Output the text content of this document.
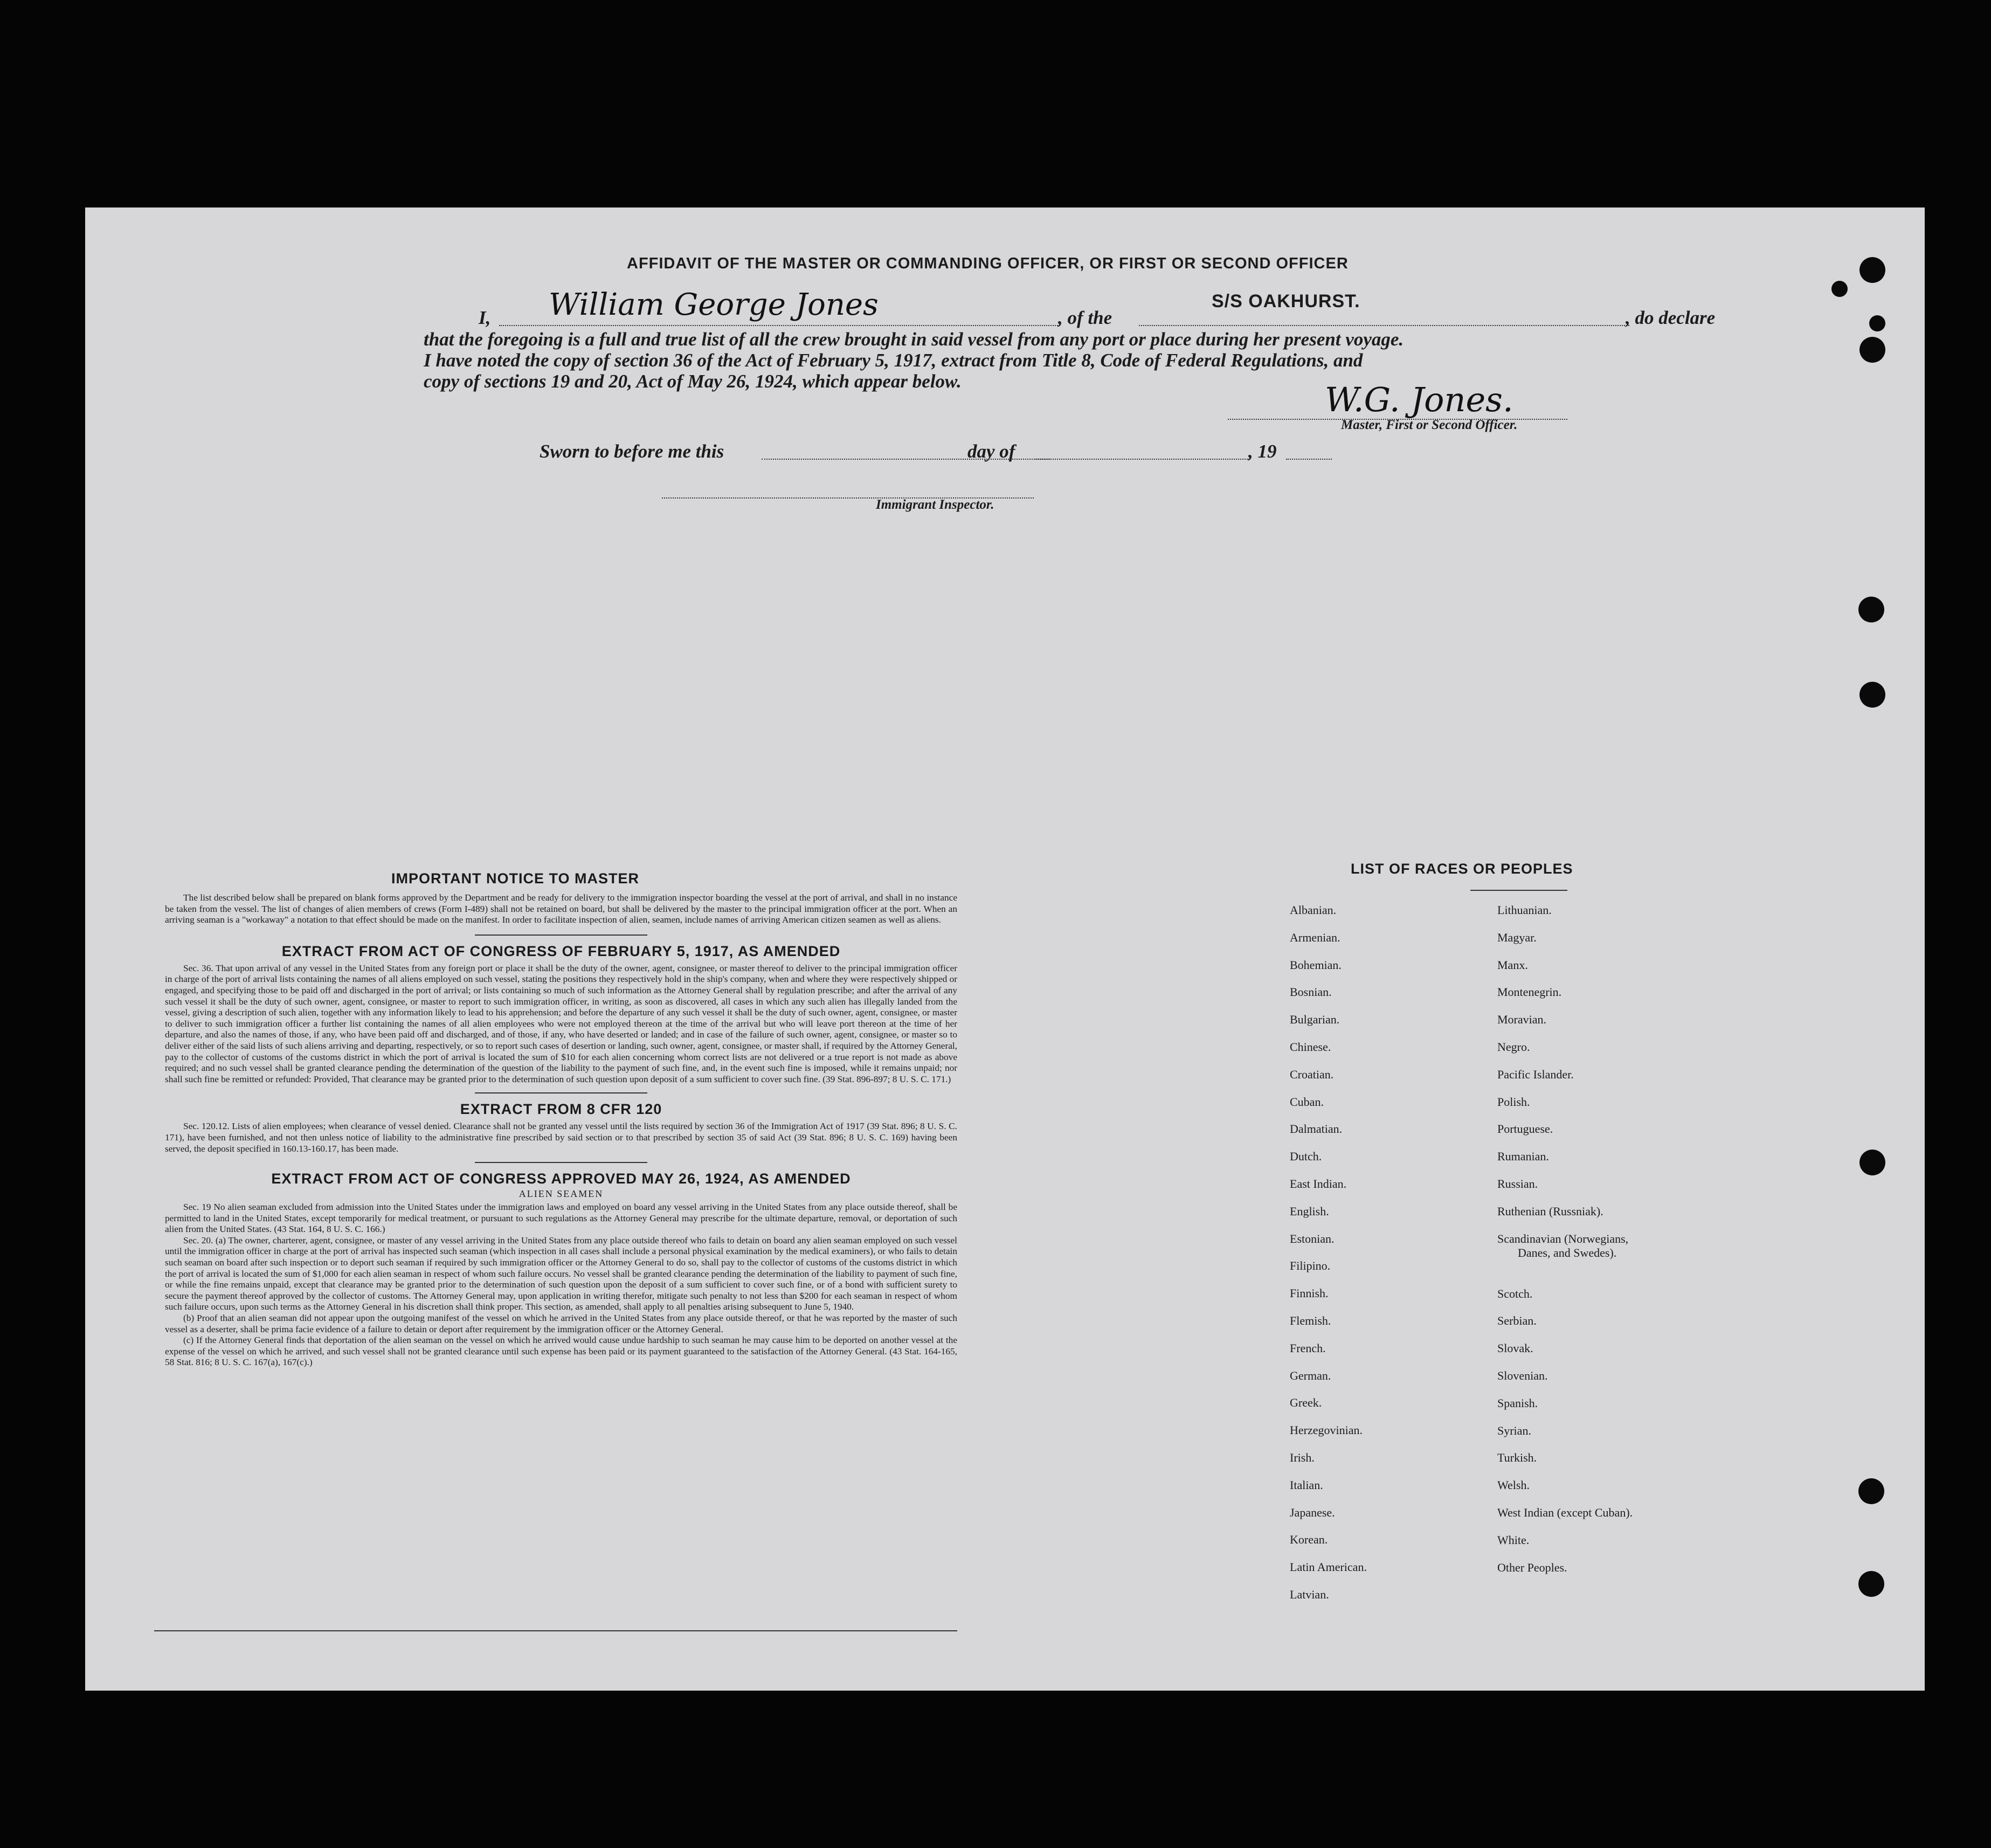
AFFIDAVIT OF THE MASTER OR COMMANDING OFFICER, OR FIRST OR SECOND OFFICER
I, William George Jones	, of the
S/S OAKHURST.
, do declare
that the foregoing is a full and true list of all the crew brought in said vessel from any port or place during her present voyage.
I have noted the copy of section 36 of the Act of February 5, 1917, extract from Title 8, Code of Federal Regulations, and
copy of sections 19 and 20, Act of May 26, 1924, which appear below.	W.G. Jones.
Master, First or Second Officer.
Sworn to before me this	day of	, 19
Immigrant Inspector.
IMPORTANT NOTICE TO MASTER

The list described below shall be prepared on blank forms approved by the Department and be ready for delivery to the immigration inspector boarding the vessel at the port of arrival, and shall in no instance be taken from the vessel. The list of changes of alien members of crews (Form I-489) shall not be retained on board, but shall be delivered by the master to the principal immigration officer at the port. When an arriving seaman is a "workaway" a notation to that effect should be made on the manifest. In order to facilitate inspection of alien, seamen, include names of arriving American citizen seamen as well as aliens.

EXTRACT FROM ACT OF CONGRESS OF FEBRUARY 5, 1917, AS AMENDED

Sec. 36. That upon arrival of any vessel in the United States from any foreign port or place it shall be the duty of the owner, agent, consignee, or master thereof to deliver to the principal immigration officer in charge of the port of arrival lists containing the names of all aliens employed on such vessel, stating the positions they respectively hold in the ship's company, when and where they were respectively shipped or engaged, and specifying those to be paid off and discharged in the port of arrival; or lists containing so much of such information as the Attorney General shall by regulation prescribe; and after the arrival of any such vessel it shall be the duty of such owner, agent, consignee, or master to report to such immigration officer, in writing, as soon as discovered, all cases in which any such alien has illegally landed from the vessel, giving a description of such alien, together with any information likely to lead to his apprehension; and before the departure of any such vessel it shall be the duty of such owner, agent, consignee, or master to deliver to such immigration officer a further list containing the names of all alien employees who were not employed thereon at the time of the arrival but who will leave port thereon at the time of her departure, and also the names of those, if any, who have been paid off and discharged, and of those, if any, who have deserted or landed; and in case of the failure of such owner, agent, consignee, or master so to deliver either of the said lists of such aliens arriving and departing, respectively, or so to report such cases of desertion or landing, such owner, agent, consignee, or master shall, if required by the Attorney General, pay to the collector of customs of the customs district in which the port of arrival is located the sum of $10 for each alien concerning whom correct lists are not delivered or a true report is not made as above required; and no such vessel shall be granted clearance pending the determination of the question of the liability to the payment of such fine, and, in the event such fine is imposed, while it remains unpaid; nor shall such fine be remitted or refunded: Provided, That clearance may be granted prior to the determination of such question upon deposit of a sum sufficient to cover such fine. (39 Stat. 896-897; 8 U. S. C. 171.)

EXTRACT FROM 8 CFR 120

Sec. 120.12. Lists of alien employees; when clearance of vessel denied. Clearance shall not be granted any vessel until the lists required by section 36 of the Immigration Act of 1917 (39 Stat. 896; 8 U. S. C. 171), have been furnished, and not then unless notice of liability to the administrative fine prescribed by said section or to that prescribed by section 35 of said Act (39 Stat. 896; 8 U. S. C. 169) having been served, the deposit specified in 160.13-160.17, has been made.

EXTRACT FROM ACT OF CONGRESS APPROVED MAY 26, 1924, AS AMENDED
ALIEN SEAMEN

Sec. 19 No alien seaman excluded from admission into the United States under the immigration laws and employed on board any vessel arriving in the United States from any place outside thereof, shall be permitted to land in the United States, except temporarily for medical treatment, or pursuant to such regulations as the Attorney General may prescribe for the ultimate departure, removal, or deportation of such alien from the United States. (43 Stat. 164, 8 U. S. C. 166.)

Sec. 20. (a) The owner, charterer, agent, consignee, or master of any vessel arriving in the United States from any place outside thereof who fails to detain on board any alien seaman employed on such vessel until the immigration officer in charge at the port of arrival has inspected such seaman (which inspection in all cases shall include a personal physical examination by the medical examiners), or who fails to detain such seaman on board after such inspection or to deport such seaman if required by such immigration officer or the Attorney General to do so, shall pay to the collector of customs of the customs district in which the port of arrival is located the sum of $1,000 for each alien seaman in respect of whom such failure occurs. No vessel shall be granted clearance pending the determination of the liability to payment of such fine, or while the fine remains unpaid, except that clearance may be granted prior to the determination of such question upon the deposit of a sum sufficient to cover such fine, or of a bond with sufficient surety to secure the payment thereof approved by the collector of customs. The Attorney General may, upon application in writing therefor, mitigate such penalty to not less than $200 for each seaman in respect of whom such failure occurs, upon such terms as the Attorney General in his discretion shall think proper. This section, as amended, shall apply to all penalties arising subsequent to June 5, 1940.

(b) Proof that an alien seaman did not appear upon the outgoing manifest of the vessel on which he arrived in the United States from any place outside thereof, or that he was reported by the master of such vessel as a deserter, shall be prima facie evidence of a failure to detain or deport after requirement by the immigration officer or the Attorney General.

(c) If the Attorney General finds that deportation of the alien seaman on the vessel on which he arrived would cause undue hardship to such seaman he may cause him to be deported on another vessel at the expense of the vessel on which he arrived, and such vessel shall not be granted clearance until such expense has been paid or its payment guaranteed to the satisfaction of the Attorney General. (43 Stat. 164-165, 58 Stat. 816; 8 U. S. C. 167(a), 167(c).)

LIST OF RACES OR PEOPLES
Albanian.
Armenian.
Bohemian.
Bosnian.
Bulgarian.
Chinese.
Croatian.
Cuban.
Dalmatian.
Dutch.
East Indian.
English.
Estonian.
Filipino.
Finnish.
Flemish.
French.
German.
Greek.
Herzegovinian.
Irish.
Italian.
Japanese.
Korean.
Latin American.
Latvian.
Lithuanian.
Magyar.
Manx.
Montenegrin.
Moravian.
Negro.
Pacific Islander.
Polish.
Portuguese.
Rumanian.
Russian.
Ruthenian (Russniak).
Scandinavian (Norwegians,
Danes, and Swedes).
Scotch.
Serbian.
Slovak.
Slovenian.
Spanish.
Syrian.
Turkish.
Welsh.
West Indian (except Cuban).
White.
Other Peoples.
